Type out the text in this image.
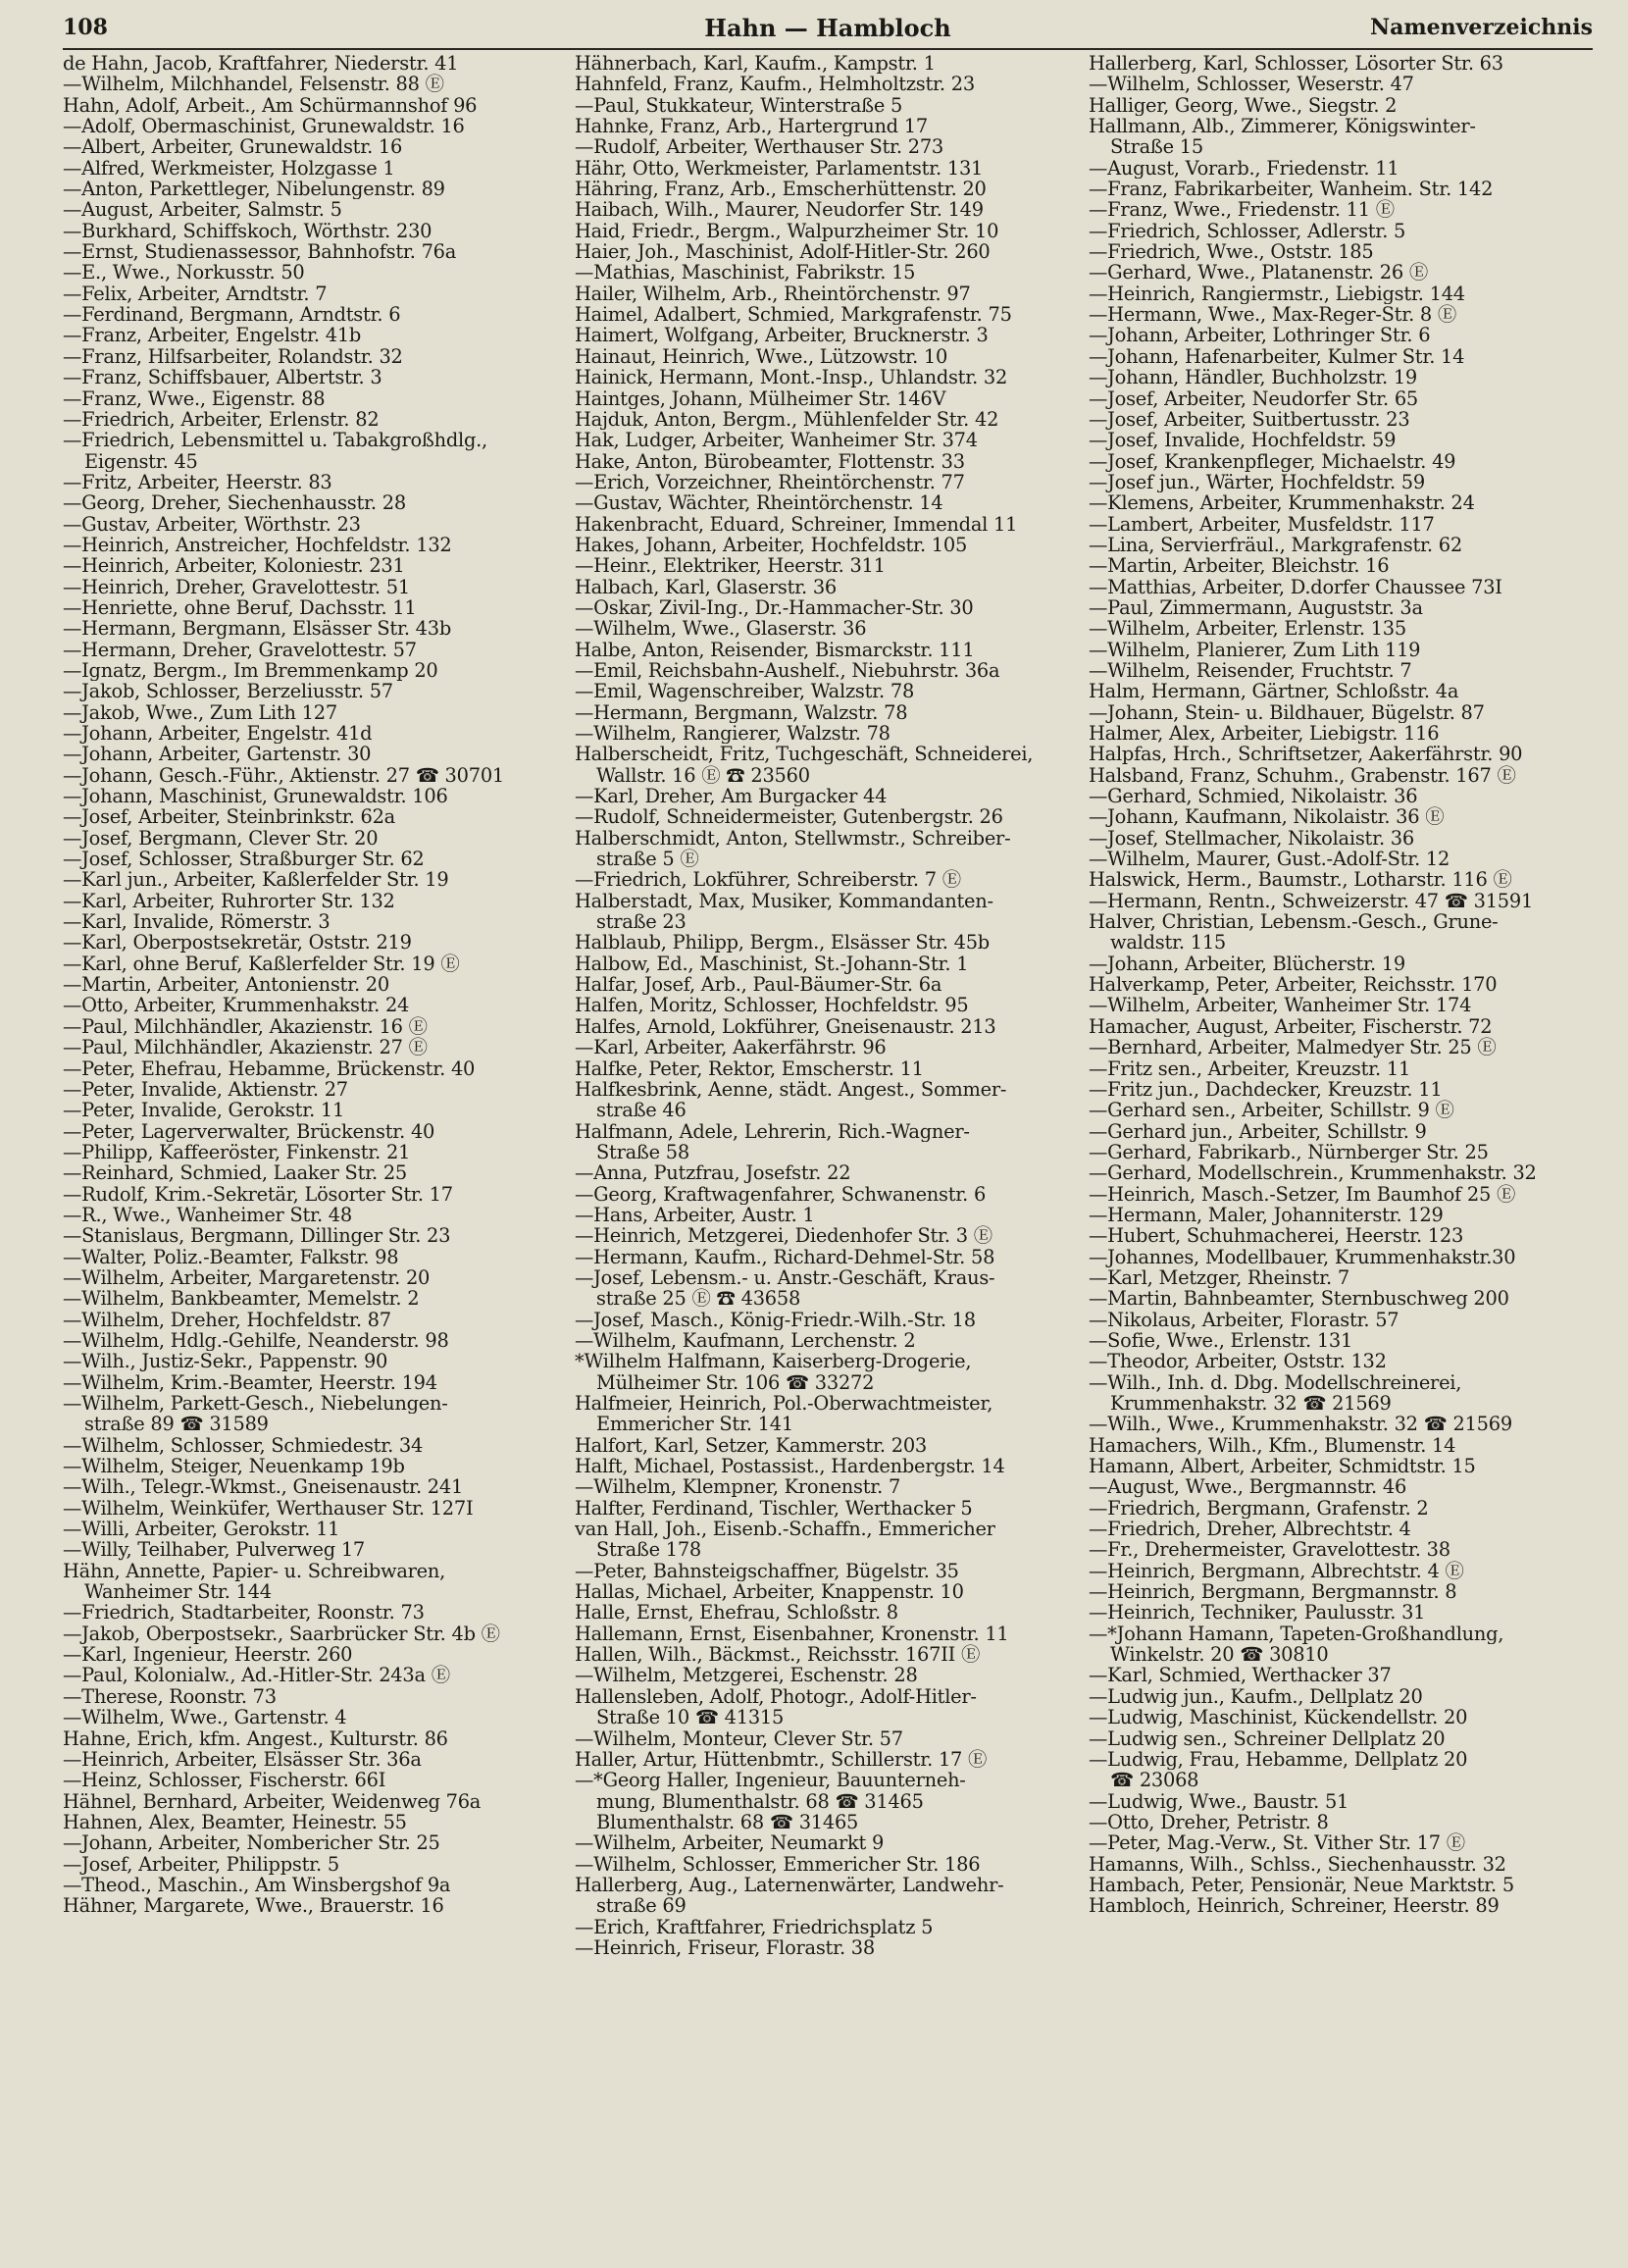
108	Hahn — Hambloch	Namenverzeichnis
de Hahn, Jacob, Kraftfahrer, Niederstr. 41
—Wilhelm, Milchhandel, Felsenstr. 88 Ⓔ
Hahn, Adolf, Arbeit., Am Schürmannshof 96
—Adolf, Obermaschinist, Grunewaldstr. 16
—Albert, Arbeiter, Grunewaldstr. 16
—Alfred, Werkmeister, Holzgasse 1
—Anton, Parkettleger, Nibelungenstr. 89
—August, Arbeiter, Salmstr. 5
—Burkhard, Schiffskoch, Wörthstr. 230
—Ernst, Studienassessor, Bahnhofstr. 76a
—E., Wwe., Norkusstr. 50
—Felix, Arbeiter, Arndtstr. 7
—Ferdinand, Bergmann, Arndtstr. 6
—Franz, Arbeiter, Engelstr. 41b
—Franz, Hilfsarbeiter, Rolandstr. 32
—Franz, Schiffsbauer, Albertstr. 3
—Franz, Wwe., Eigenstr. 88
—Friedrich, Arbeiter, Erlenstr. 82
—Friedrich, Lebensmittel u. Tabakgroßhdlg.,
Eigenstr. 45
—Fritz, Arbeiter, Heerstr. 83
—Georg, Dreher, Siechenhausstr. 28
—Gustav, Arbeiter, Wörthstr. 23
—Heinrich, Anstreicher, Hochfeldstr. 132
—Heinrich, Arbeiter, Koloniestr. 231
—Heinrich, Dreher, Gravelottestr. 51
—Henriette, ohne Beruf, Dachsstr. 11
—Hermann, Bergmann, Elsässer Str. 43b
—Hermann, Dreher, Gravelottestr. 57
—Ignatz, Bergm., Im Bremmenkamp 20
—Jakob, Schlosser, Berzeliusstr. 57
—Jakob, Wwe., Zum Lith 127
—Johann, Arbeiter, Engelstr. 41d
—Johann, Arbeiter, Gartenstr. 30
—Johann, Gesch.-Führ., Aktienstr. 27 ☎ 30701
—Johann, Maschinist, Grunewaldstr. 106
—Josef, Arbeiter, Steinbrinkstr. 62a
—Josef, Bergmann, Clever Str. 20
—Josef, Schlosser, Straßburger Str. 62
—Karl jun., Arbeiter, Kaßlerfelder Str. 19
—Karl, Arbeiter, Ruhrorter Str. 132
—Karl, Invalide, Römerstr. 3
—Karl, Oberpostsekretär, Oststr. 219
—Karl, ohne Beruf, Kaßlerfelder Str. 19 Ⓔ
—Martin, Arbeiter, Antonienstr. 20
—Otto, Arbeiter, Krummenhakstr. 24
—Paul, Milchhändler, Akazienstr. 16 Ⓔ
—Paul, Milchhändler, Akazienstr. 27 Ⓔ
—Peter, Ehefrau, Hebamme, Brückenstr. 40
—Peter, Invalide, Aktienstr. 27
—Peter, Invalide, Gerokstr. 11
—Peter, Lagerverwalter, Brückenstr. 40
—Philipp, Kaffeeröster, Finkenstr. 21
—Reinhard, Schmied, Laaker Str. 25
—Rudolf, Krim.-Sekretär, Lösorter Str. 17
—R., Wwe., Wanheimer Str. 48
—Stanislaus, Bergmann, Dillinger Str. 23
—Walter, Poliz.-Beamter, Falkstr. 98
—Wilhelm, Arbeiter, Margaretenstr. 20
—Wilhelm, Bankbeamter, Memelstr. 2
—Wilhelm, Dreher, Hochfeldstr. 87
—Wilhelm, Hdlg.-Gehilfe, Neanderstr. 98
—Wilh., Justiz-Sekr., Pappenstr. 90
—Wilhelm, Krim.-Beamter, Heerstr. 194
—Wilhelm, Parkett-Gesch., Niebelungen-
straße 89 ☎ 31589
—Wilhelm, Schlosser, Schmiedestr. 34
—Wilhelm, Steiger, Neuenkamp 19b
—Wilh., Telegr.-Wkmst., Gneisenaustr. 241
—Wilhelm, Weinküfer, Werthauser Str. 127I
—Willi, Arbeiter, Gerokstr. 11
—Willy, Teilhaber, Pulverweg 17
Hähn, Annette, Papier- u. Schreibwaren,
Wanheimer Str. 144
—Friedrich, Stadtarbeiter, Roonstr. 73
—Jakob, Oberpostsekr., Saarbrücker Str. 4b Ⓔ
—Karl, Ingenieur, Heerstr. 260
—Paul, Kolonialw., Ad.-Hitler-Str. 243a Ⓔ
—Therese, Roonstr. 73
—Wilhelm, Wwe., Gartenstr. 4
Hahne, Erich, kfm. Angest., Kulturstr. 86
—Heinrich, Arbeiter, Elsässer Str. 36a
—Heinz, Schlosser, Fischerstr. 66I
Hähnel, Bernhard, Arbeiter, Weidenweg 76a
Hahnen, Alex, Beamter, Heinestr. 55
—Johann, Arbeiter, Nombericher Str. 25
—Josef, Arbeiter, Philippstr. 5
—Theod., Maschin., Am Winsbergshof 9a
Hähner, Margarete, Wwe., Brauerstr. 16
Hähnerbach, Karl, Kaufm., Kampstr. 1
Hahnfeld, Franz, Kaufm., Helmholtzstr. 23
—Paul, Stukkateur, Winterstraße 5
Hahnke, Franz, Arb., Hartergrund 17
—Rudolf, Arbeiter, Werthauser Str. 273
Hähr, Otto, Werkmeister, Parlamentstr. 131
Hähring, Franz, Arb., Emscherhüttenstr. 20
Haibach, Wilh., Maurer, Neudorfer Str. 149
Haid, Friedr., Bergm., Walpurzheimer Str. 10
Haier, Joh., Maschinist, Adolf-Hitler-Str. 260
—Mathias, Maschinist, Fabrikstr. 15
Hailer, Wilhelm, Arb., Rheintörchenstr. 97
Haimel, Adalbert, Schmied, Markgrafenstr. 75
Haimert, Wolfgang, Arbeiter, Brucknerstr. 3
Hainaut, Heinrich, Wwe., Lützowstr. 10
Hainick, Hermann, Mont.-Insp., Uhlandstr. 32
Haintges, Johann, Mülheimer Str. 146V
Hajduk, Anton, Bergm., Mühlenfelder Str. 42
Hak, Ludger, Arbeiter, Wanheimer Str. 374
Hake, Anton, Bürobeamter, Flottenstr. 33
—Erich, Vorzeichner, Rheintörchenstr. 77
—Gustav, Wächter, Rheintörchenstr. 14
Hakenbracht, Eduard, Schreiner, Immendal 11
Hakes, Johann, Arbeiter, Hochfeldstr. 105
—Heinr., Elektriker, Heerstr. 311
Halbach, Karl, Glaserstr. 36
—Oskar, Zivil-Ing., Dr.-Hammacher-Str. 30
—Wilhelm, Wwe., Glaserstr. 36
Halbe, Anton, Reisender, Bismarckstr. 111
—Emil, Reichsbahn-Aushelf., Niebuhrstr. 36a
—Emil, Wagenschreiber, Walzstr. 78
—Hermann, Bergmann, Walzstr. 78
—Wilhelm, Rangierer, Walzstr. 78
Halberscheidt, Fritz, Tuchgeschäft, Schneiderei,
Wallstr. 16 Ⓔ ☎ 23560
—Karl, Dreher, Am Burgacker 44
—Rudolf, Schneidermeister, Gutenbergstr. 26
Halberschmidt, Anton, Stellwmstr., Schreiber-
straße 5 Ⓔ
—Friedrich, Lokführer, Schreiberstr. 7 Ⓔ
Halberstadt, Max, Musiker, Kommandanten-
straße 23
Halblaub, Philipp, Bergm., Elsässer Str. 45b
Halbow, Ed., Maschinist, St.-Johann-Str. 1
Halfar, Josef, Arb., Paul-Bäumer-Str. 6a
Halfen, Moritz, Schlosser, Hochfeldstr. 95
Halfes, Arnold, Lokführer, Gneisenaustr. 213
—Karl, Arbeiter, Aakerfährstr. 96
Halfke, Peter, Rektor, Emscherstr. 11
Halfkesbrink, Aenne, städt. Angest., Sommer-
straße 46
Halfmann, Adele, Lehrerin, Rich.-Wagner-
Straße 58
—Anna, Putzfrau, Josefstr. 22
—Georg, Kraftwagenfahrer, Schwanenstr. 6
—Hans, Arbeiter, Austr. 1
—Heinrich, Metzgerei, Diedenhofer Str. 3 Ⓔ
—Hermann, Kaufm., Richard-Dehmel-Str. 58
—Josef, Lebensm.- u. Anstr.-Geschäft, Kraus-
straße 25 Ⓔ ☎ 43658
—Josef, Masch., König-Friedr.-Wilh.-Str. 18
—Wilhelm, Kaufmann, Lerchenstr. 2
*Wilhelm Halfmann, Kaiserberg-Drogerie,
Mülheimer Str. 106 ☎ 33272
Halfmeier, Heinrich, Pol.-Oberwachtmeister,
Emmericher Str. 141
Halfort, Karl, Setzer, Kammerstr. 203
Halft, Michael, Postassist., Hardenbergstr. 14
—Wilhelm, Klempner, Kronenstr. 7
Halfter, Ferdinand, Tischler, Werthacker 5
van Hall, Joh., Eisenb.-Schaffn., Emmericher
Straße 178
—Peter, Bahnsteigschaffner, Bügelstr. 35
Hallas, Michael, Arbeiter, Knappenstr. 10
Halle, Ernst, Ehefrau, Schloßstr. 8
Hallemann, Ernst, Eisenbahner, Kronenstr. 11
Hallen, Wilh., Bäckmst., Reichsstr. 167II Ⓔ
—Wilhelm, Metzgerei, Eschenstr. 28
Hallensleben, Adolf, Photogr., Adolf-Hitler-
Straße 10 ☎ 41315
—Wilhelm, Monteur, Clever Str. 57
Haller, Artur, Hüttenbmtr., Schillerstr. 17 Ⓔ
—*Georg Haller, Ingenieur, Bauunterneh-
mung, Blumenthalstr. 68 ☎ 31465
Blumenthalstr. 68 ☎ 31465
—Wilhelm, Arbeiter, Neumarkt 9
—Wilhelm, Schlosser, Emmericher Str. 186
Hallerberg, Aug., Laternenwärter, Landwehr-
straße 69
—Erich, Kraftfahrer, Friedrichsplatz 5
—Heinrich, Friseur, Florastr. 38
Hallerberg, Karl, Schlosser, Lösorter Str. 63
—Wilhelm, Schlosser, Weserstr. 47
Halliger, Georg, Wwe., Siegstr. 2
Hallmann, Alb., Zimmerer, Königswinter-
Straße 15
—August, Vorarb., Friedenstr. 11
—Franz, Fabrikarbeiter, Wanheim. Str. 142
—Franz, Wwe., Friedenstr. 11 Ⓔ
—Friedrich, Schlosser, Adlerstr. 5
—Friedrich, Wwe., Oststr. 185
—Gerhard, Wwe., Platanenstr. 26 Ⓔ
—Heinrich, Rangiermstr., Liebigstr. 144
—Hermann, Wwe., Max-Reger-Str. 8 Ⓔ
—Johann, Arbeiter, Lothringer Str. 6
—Johann, Hafenarbeiter, Kulmer Str. 14
—Johann, Händler, Buchholzstr. 19
—Josef, Arbeiter, Neudorfer Str. 65
—Josef, Arbeiter, Suitbertusstr. 23
—Josef, Invalide, Hochfeldstr. 59
—Josef, Krankenpfleger, Michaelstr. 49
—Josef jun., Wärter, Hochfeldstr. 59
—Klemens, Arbeiter, Krummenhakstr. 24
—Lambert, Arbeiter, Musfeldstr. 117
—Lina, Servierfräul., Markgrafenstr. 62
—Martin, Arbeiter, Bleichstr. 16
—Matthias, Arbeiter, D.dorfer Chaussee 73I
—Paul, Zimmermann, Auguststr. 3a
—Wilhelm, Arbeiter, Erlenstr. 135
—Wilhelm, Planierer, Zum Lith 119
—Wilhelm, Reisender, Fruchtstr. 7
Halm, Hermann, Gärtner, Schloßstr. 4a
—Johann, Stein- u. Bildhauer, Bügelstr. 87
Halmer, Alex, Arbeiter, Liebigstr. 116
Halpfas, Hrch., Schriftsetzer, Aakerfährstr. 90
Halsband, Franz, Schuhm., Grabenstr. 167 Ⓔ
—Gerhard, Schmied, Nikolaistr. 36
—Johann, Kaufmann, Nikolaistr. 36 Ⓔ
—Josef, Stellmacher, Nikolaistr. 36
—Wilhelm, Maurer, Gust.-Adolf-Str. 12
Halswick, Herm., Baumstr., Lotharstr. 116 Ⓔ
—Hermann, Rentn., Schweizerstr. 47 ☎ 31591
Halver, Christian, Lebensm.-Gesch., Grune-
waldstr. 115
—Johann, Arbeiter, Blücherstr. 19
Halverkamp, Peter, Arbeiter, Reichsstr. 170
—Wilhelm, Arbeiter, Wanheimer Str. 174
Hamacher, August, Arbeiter, Fischerstr. 72
—Bernhard, Arbeiter, Malmedyer Str. 25 Ⓔ
—Fritz sen., Arbeiter, Kreuzstr. 11
—Fritz jun., Dachdecker, Kreuzstr. 11
—Gerhard sen., Arbeiter, Schillstr. 9 Ⓔ
—Gerhard jun., Arbeiter, Schillstr. 9
—Gerhard, Fabrikarb., Nürnberger Str. 25
—Gerhard, Modellschrein., Krummenhakstr. 32
—Heinrich, Masch.-Setzer, Im Baumhof 25 Ⓔ
—Hermann, Maler, Johanniterstr. 129
—Hubert, Schuhmacherei, Heerstr. 123
—Johannes, Modellbauer, Krummenhakstr.30
—Karl, Metzger, Rheinstr. 7
—Martin, Bahnbeamter, Sternbuschweg 200
—Nikolaus, Arbeiter, Florastr. 57
—Sofie, Wwe., Erlenstr. 131
—Theodor, Arbeiter, Oststr. 132
—Wilh., Inh. d. Dbg. Modellschreinerei,
Krummenhakstr. 32 ☎ 21569
—Wilh., Wwe., Krummenhakstr. 32 ☎ 21569
Hamachers, Wilh., Kfm., Blumenstr. 14
Hamann, Albert, Arbeiter, Schmidtstr. 15
—August, Wwe., Bergmannstr. 46
—Friedrich, Bergmann, Grafenstr. 2
—Friedrich, Dreher, Albrechtstr. 4
—Fr., Drehermeister, Gravelottestr. 38
—Heinrich, Bergmann, Albrechtstr. 4 Ⓔ
—Heinrich, Bergmann, Bergmannstr. 8
—Heinrich, Techniker, Paulusstr. 31
—*Johann Hamann, Tapeten-Großhandlung,
Winkelstr. 20 ☎ 30810
—Karl, Schmied, Werthacker 37
—Ludwig jun., Kaufm., Dellplatz 20
—Ludwig, Maschinist, Kückendellstr. 20
—Ludwig sen., Schreiner Dellplatz 20
—Ludwig, Frau, Hebamme, Dellplatz 20
☎ 23068
—Ludwig, Wwe., Baustr. 51
—Otto, Dreher, Petristr. 8
—Peter, Mag.-Verw., St. Vither Str. 17 Ⓔ
Hamanns, Wilh., Schlss., Siechenhausstr. 32
Hambach, Peter, Pensionär, Neue Marktstr. 5
Hambloch, Heinrich, Schreiner, Heerstr. 89
